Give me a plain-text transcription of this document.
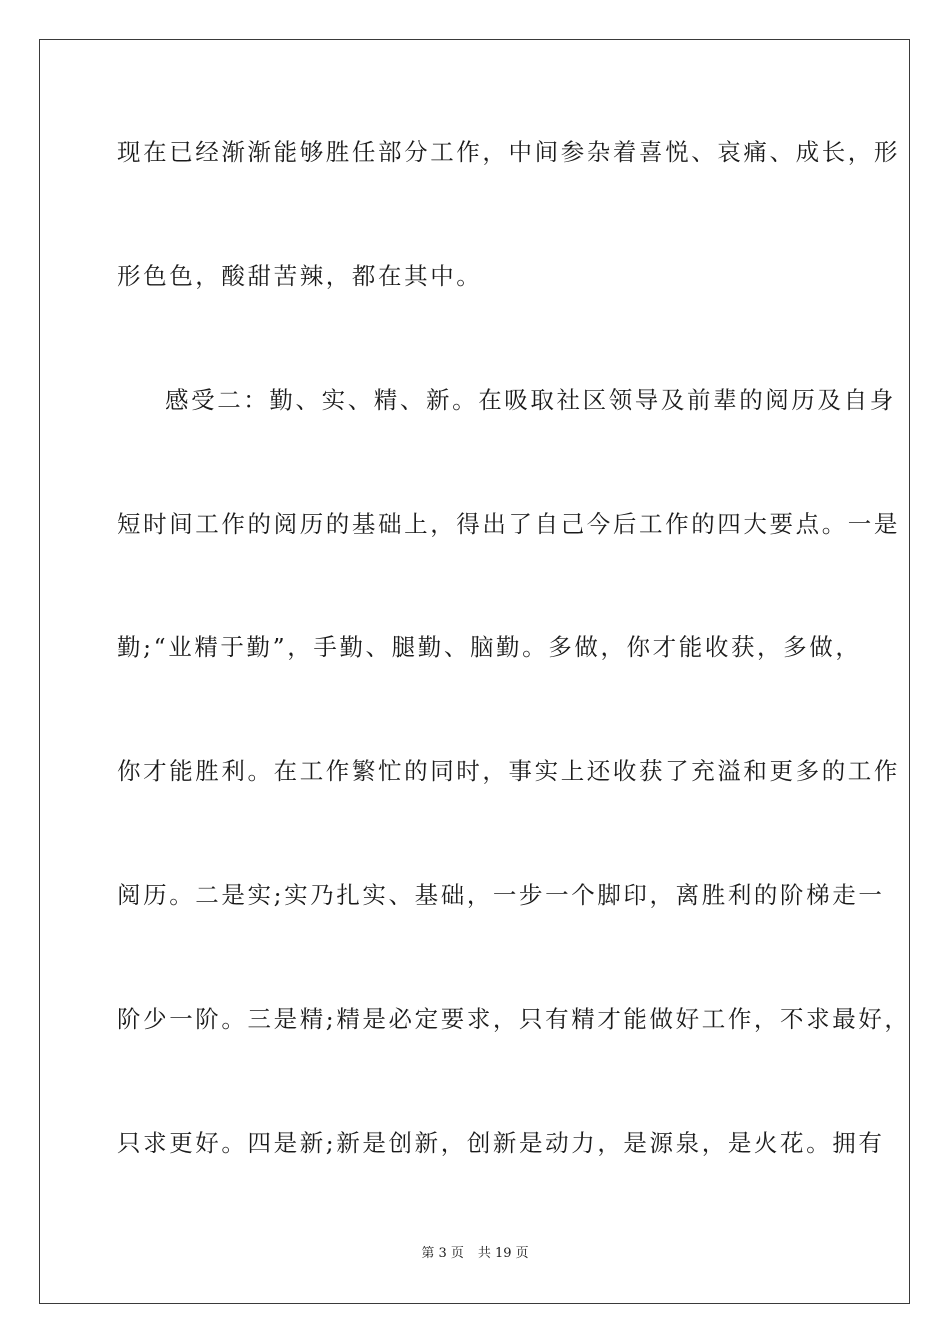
现在已经渐渐能够胜任部分工作，中间参杂着喜悦、哀痛、成长，形
形色色，酸甜苦辣，都在其中。
感受二：勤、实、精、新。在吸取社区领导及前辈的阅历及自身
短时间工作的阅历的基础上，得出了自己今后工作的四大要点。一是
勤;“业精于勤”，手勤、腿勤、脑勤。多做，你才能收获，多做，
你才能胜利。在工作繁忙的同时，事实上还收获了充溢和更多的工作
阅历。二是实;实乃扎实、基础，一步一个脚印，离胜利的阶梯走一
阶少一阶。三是精;精是必定要求，只有精才能做好工作，不求最好，
只求更好。四是新;新是创新，创新是动力，是源泉，是火花。拥有
第 3 页 共 19 页
